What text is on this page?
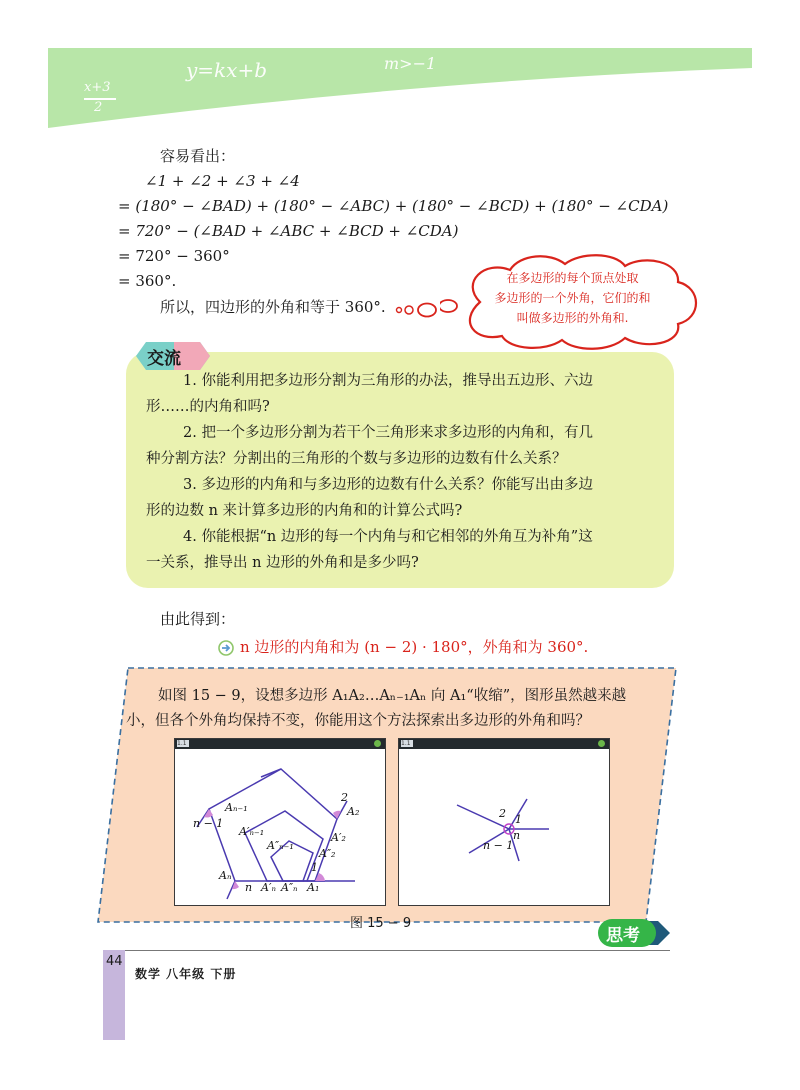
x+3
2
y=kx+b	m>−1
容易看出：
∠1 + ∠2 + ∠3 + ∠4
= (180° − ∠BAD) + (180° − ∠ABC) + (180° − ∠BCD) + (180° − ∠CDA)
= 720° − (∠BAD + ∠ABC + ∠BCD + ∠CDA)
= 720° − 360°
= 360°.
所以，四边形的外角和等于 360°.
在多边形的每个顶点处取
多边形的一个外角，它们的和
叫做多边形的外角和.
交流
1. 你能利用把多边形分割为三角形的办法，推导出五边形、六边
形……的内角和吗?
2. 把一个多边形分割为若干个三角形来求多边形的内角和，有几
种分割方法？分割出的三角形的个数与多边形的边数有什么关系？
3. 多边形的内角和与多边形的边数有什么关系？你能写出由多边
形的边数 n 来计算多边形的内角和的计算公式吗?
4. 你能根据“n 边形的每一个内角与和它相邻的外角互为补角”这
一关系，推导出 n 边形的外角和是多少吗?
由此得到：
n 边形的内角和为 (n − 2) · 180°，外角和为 360°.
如图 15 − 9，设想多边形 A₁A₂…Aₙ₋₁Aₙ 向 A₁“收缩”，图形虽然越来越
小，但各个外角均保持不变，你能用这个方法探索出多边形的外角和吗？
1.1
Aₙ₋₁
n − 1
A′ₙ₋₁
A″ₙ₋₁
2
A₂
A′₂
A″₂
1
Aₙ
n A′ₙ A″ₙ A₁
1.1
2 1
n
n − 1
图 15 − 9
思考
44
数学 八年级 下册
